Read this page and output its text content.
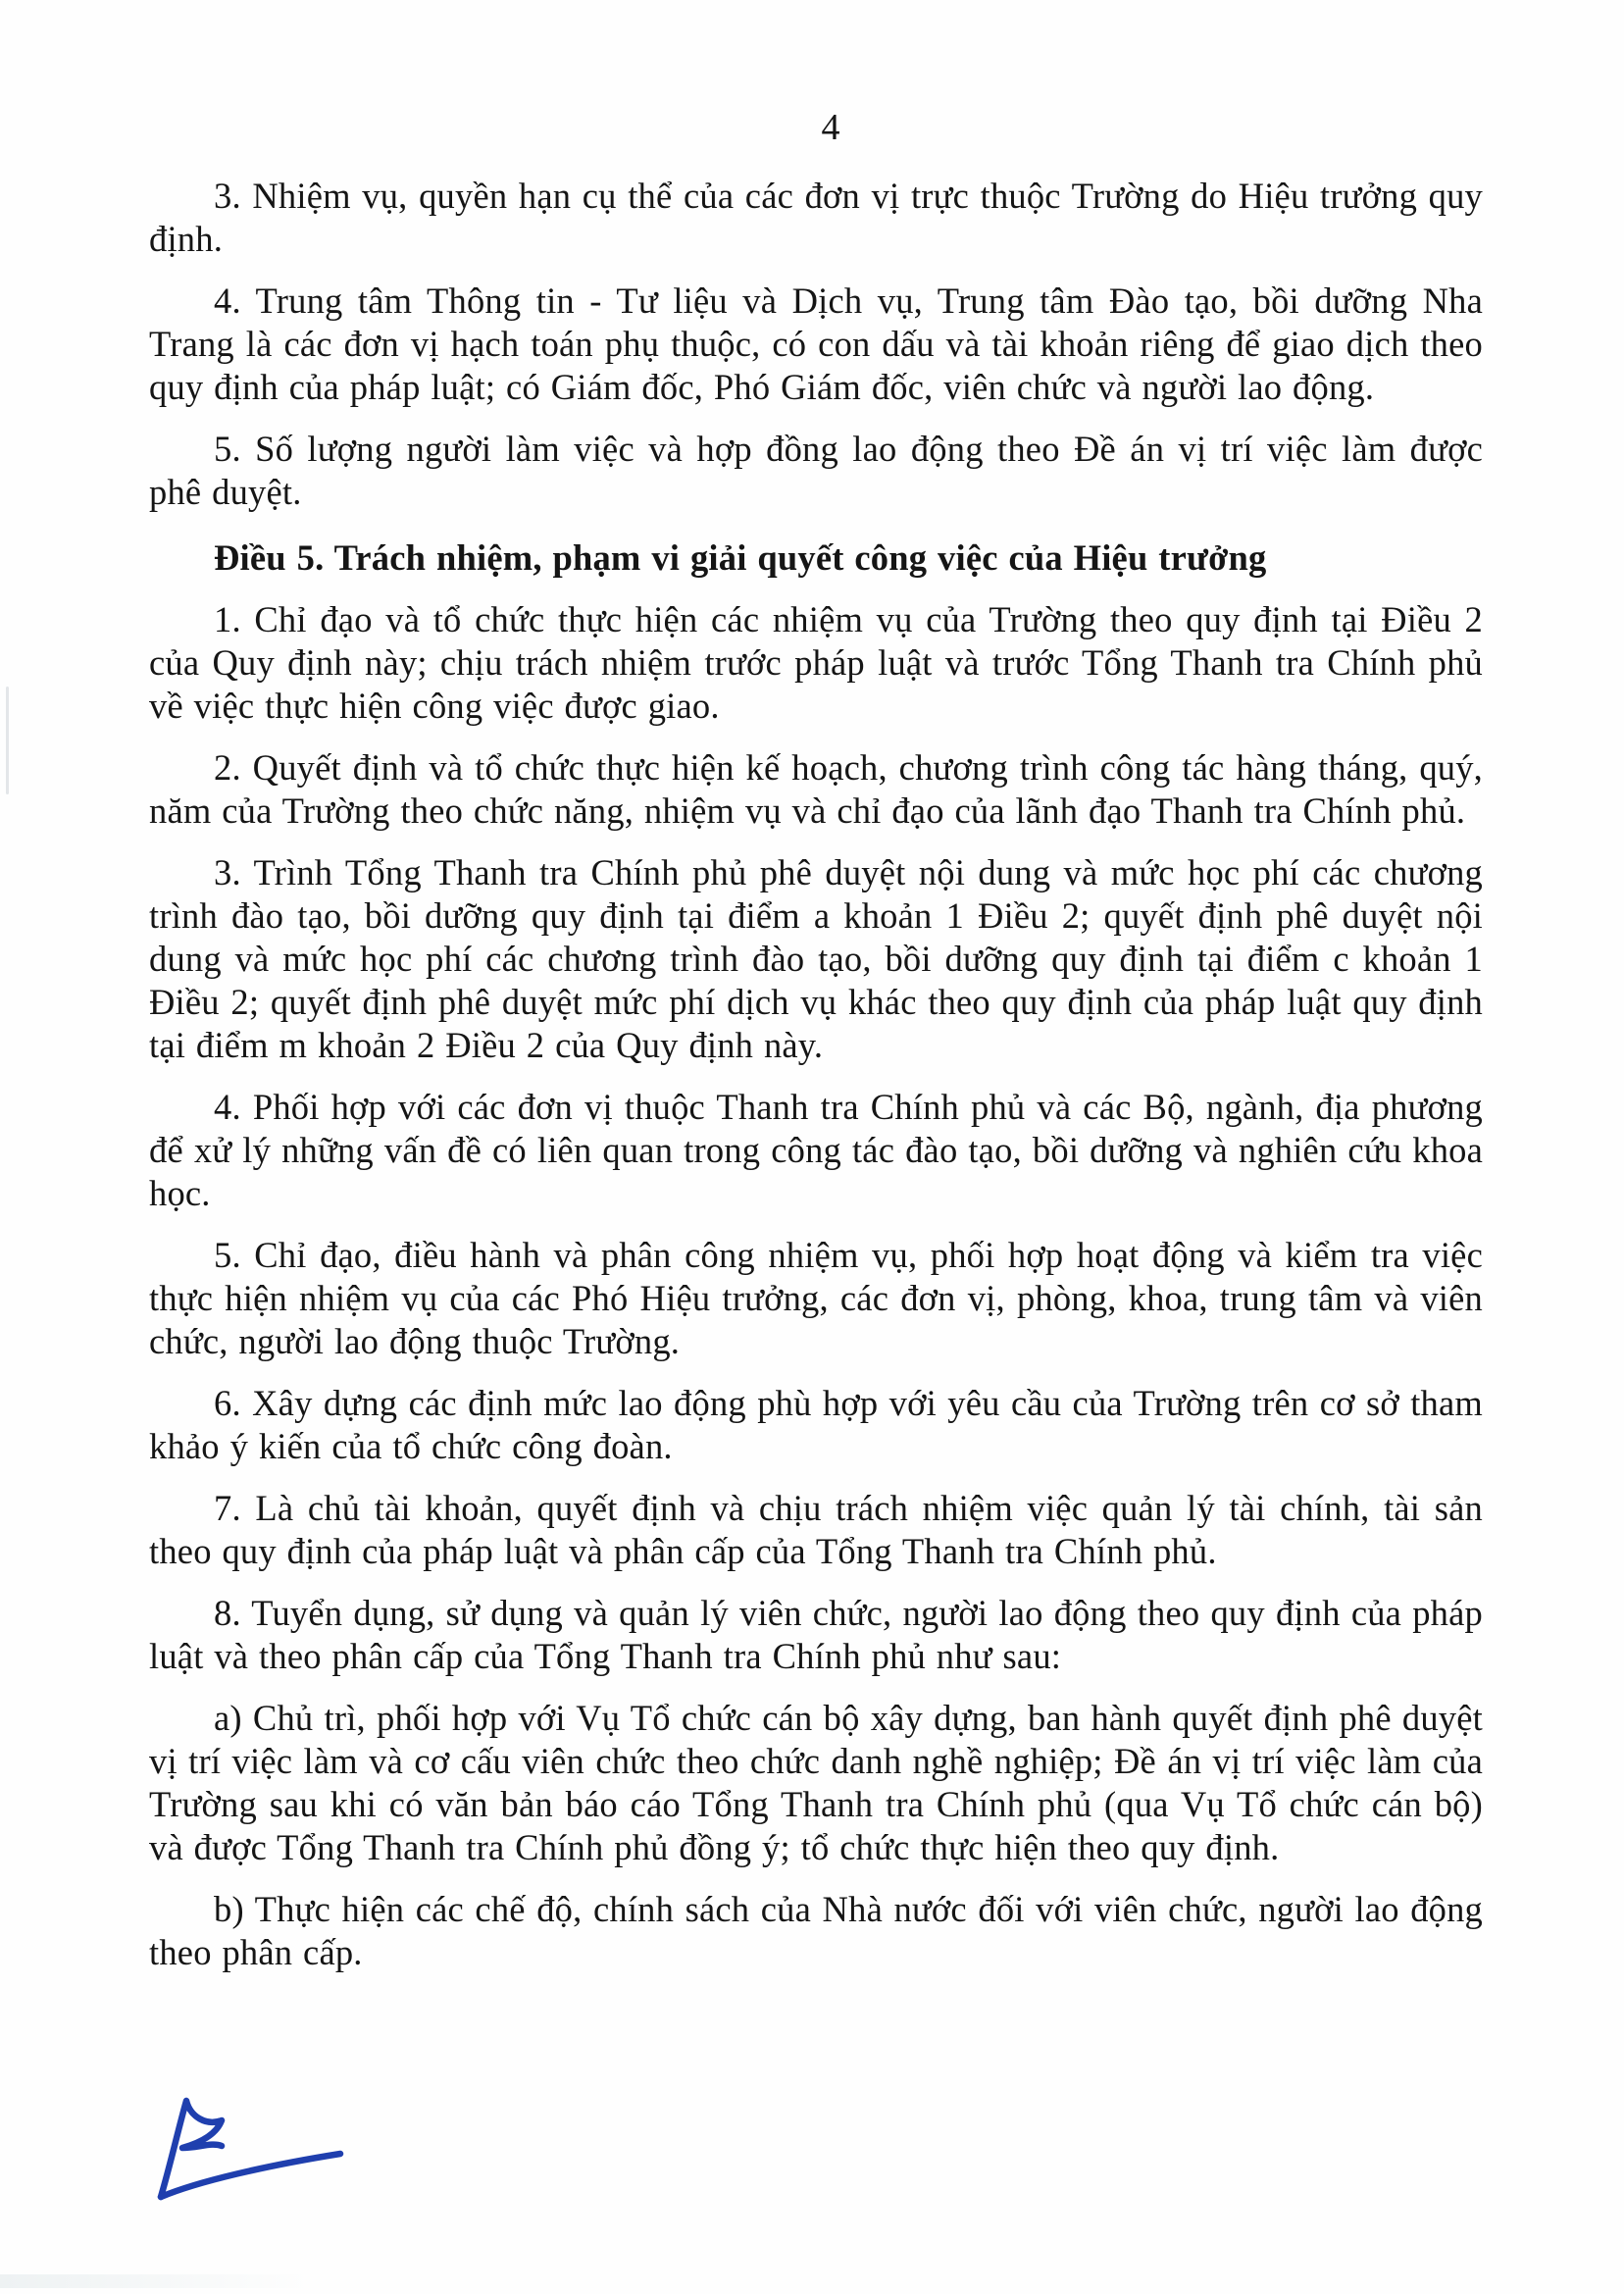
4

3. Nhiệm vụ, quyền hạn cụ thể của các đơn vị trực thuộc Trường do Hiệu trưởng quy định.

4. Trung tâm Thông tin - Tư liệu và Dịch vụ, Trung tâm Đào tạo, bồi dưỡng Nha Trang là các đơn vị hạch toán phụ thuộc, có con dấu và tài khoản riêng để giao dịch theo quy định của pháp luật; có Giám đốc, Phó Giám đốc, viên chức và người lao động.

5. Số lượng người làm việc và hợp đồng lao động theo Đề án vị trí việc làm được phê duyệt.

Điều 5. Trách nhiệm, phạm vi giải quyết công việc của Hiệu trưởng

1. Chỉ đạo và tổ chức thực hiện các nhiệm vụ của Trường theo quy định tại Điều 2 của Quy định này; chịu trách nhiệm trước pháp luật và trước Tổng Thanh tra Chính phủ về việc thực hiện công việc được giao.

2. Quyết định và tổ chức thực hiện kế hoạch, chương trình công tác hàng tháng, quý, năm của Trường theo chức năng, nhiệm vụ và chỉ đạo của lãnh đạo Thanh tra Chính phủ.

3. Trình Tổng Thanh tra Chính phủ phê duyệt nội dung và mức học phí các chương trình đào tạo, bồi dưỡng quy định tại điểm a khoản 1 Điều 2; quyết định phê duyệt nội dung và mức học phí các chương trình đào tạo, bồi dưỡng quy định tại điểm c khoản 1 Điều 2; quyết định phê duyệt mức phí dịch vụ khác theo quy định của pháp luật quy định tại điểm m khoản 2 Điều 2 của Quy định này.

4. Phối hợp với các đơn vị thuộc Thanh tra Chính phủ và các Bộ, ngành, địa phương để xử lý những vấn đề có liên quan trong công tác đào tạo, bồi dưỡng và nghiên cứu khoa học.

5. Chỉ đạo, điều hành và phân công nhiệm vụ, phối hợp hoạt động và kiểm tra việc thực hiện nhiệm vụ của các Phó Hiệu trưởng, các đơn vị, phòng, khoa, trung tâm và viên chức, người lao động thuộc Trường.

6. Xây dựng các định mức lao động phù hợp với yêu cầu của Trường trên cơ sở tham khảo ý kiến của tổ chức công đoàn.

7. Là chủ tài khoản, quyết định và chịu trách nhiệm việc quản lý tài chính, tài sản theo quy định của pháp luật và phân cấp của Tổng Thanh tra Chính phủ.

8. Tuyển dụng, sử dụng và quản lý viên chức, người lao động theo quy định của pháp luật và theo phân cấp của Tổng Thanh tra Chính phủ như sau:

a) Chủ trì, phối hợp với Vụ Tổ chức cán bộ xây dựng, ban hành quyết định phê duyệt vị trí việc làm và cơ cấu viên chức theo chức danh nghề nghiệp; Đề án vị trí việc làm của Trường sau khi có văn bản báo cáo Tổng Thanh tra Chính phủ (qua Vụ Tổ chức cán bộ) và được Tổng Thanh tra Chính phủ đồng ý; tổ chức thực hiện theo quy định.

b) Thực hiện các chế độ, chính sách của Nhà nước đối với viên chức, người lao động theo phân cấp.
